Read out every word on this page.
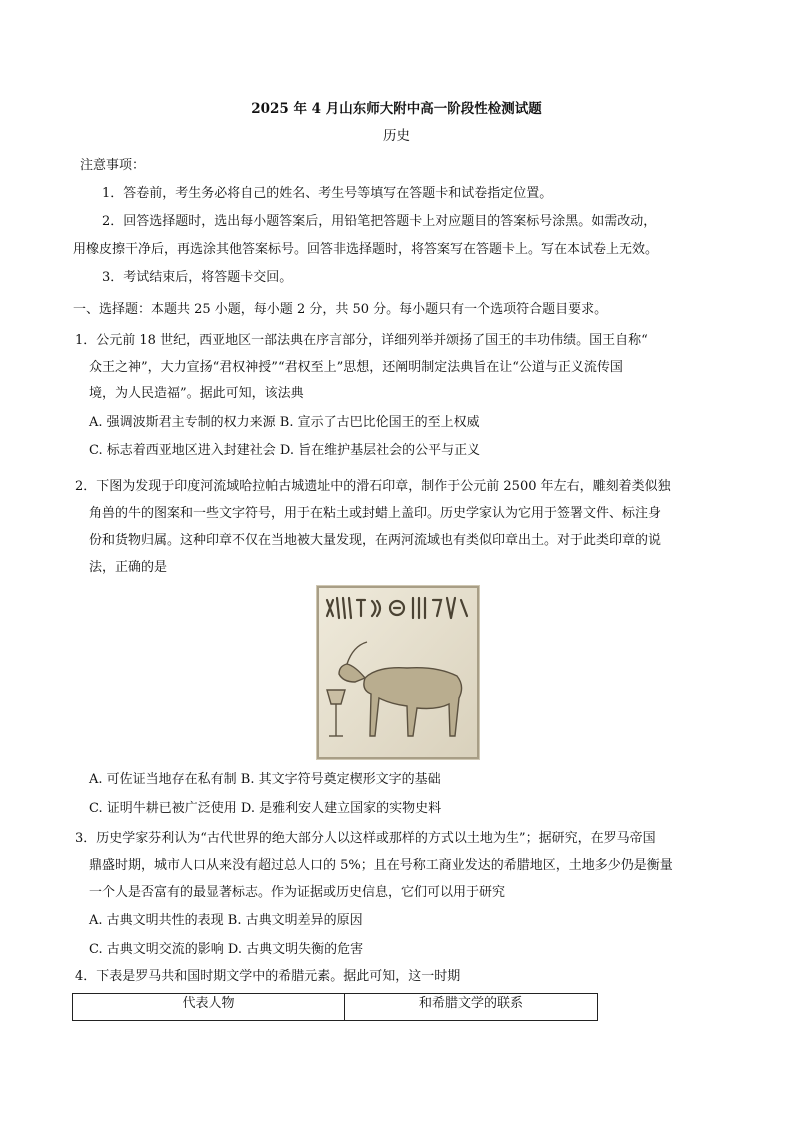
2025 年 4 月山东师大附中高一阶段性检测试题
历史
注意事项：
1．答卷前，考生务必将自己的姓名、考生号等填写在答题卡和试卷指定位置。
2．回答选择题时，选出每小题答案后，用铅笔把答题卡上对应题目的答案标号涂黑。如需改动，
用橡皮擦干净后，再选涂其他答案标号。回答非选择题时，将答案写在答题卡上。写在本试卷上无效。
3．考试结束后，将答题卡交回。
一、选择题：本题共 25 小题，每小题 2 分，共 50 分。每小题只有一个选项符合题目要求。
1．公元前 18 世纪，西亚地区一部法典在序言部分，详细列举并颂扬了国王的丰功伟绩。国王自称“
众王之神”，大力宣扬“君权神授”“君权至上”思想，还阐明制定法典旨在让“公道与正义流传国
境，为人民造福”。据此可知，该法典
A. 强调波斯君主专制的权力来源 B. 宣示了古巴比伦国王的至上权威
C. 标志着西亚地区进入封建社会 D. 旨在维护基层社会的公平与正义
2．下图为发现于印度河流域哈拉帕古城遗址中的滑石印章，制作于公元前 2500 年左右，雕刻着类似独
角兽的牛的图案和一些文字符号，用于在粘土或封蜡上盖印。历史学家认为它用于签署文件、标注身
份和货物归属。这种印章不仅在当地被大量发现，在两河流域也有类似印章出土。对于此类印章的说
法，正确的是
A. 可佐证当地存在私有制 B. 其文字符号奠定楔形文字的基础
C. 证明牛耕已被广泛使用 D. 是雅利安人建立国家的实物史料
3．历史学家芬利认为“古代世界的绝大部分人以这样或那样的方式以土地为生”；据研究，在罗马帝国
鼎盛时期，城市人口从来没有超过总人口的 5%；且在号称工商业发达的希腊地区，土地多少仍是衡量
一个人是否富有的最显著标志。作为证据或历史信息，它们可以用于研究
A. 古典文明共性的表现 B. 古典文明差异的原因
C. 古典文明交流的影响 D. 古典文明失衡的危害
4．下表是罗马共和国时期文学中的希腊元素。据此可知，这一时期
代表人物	和希腊文学的联系
